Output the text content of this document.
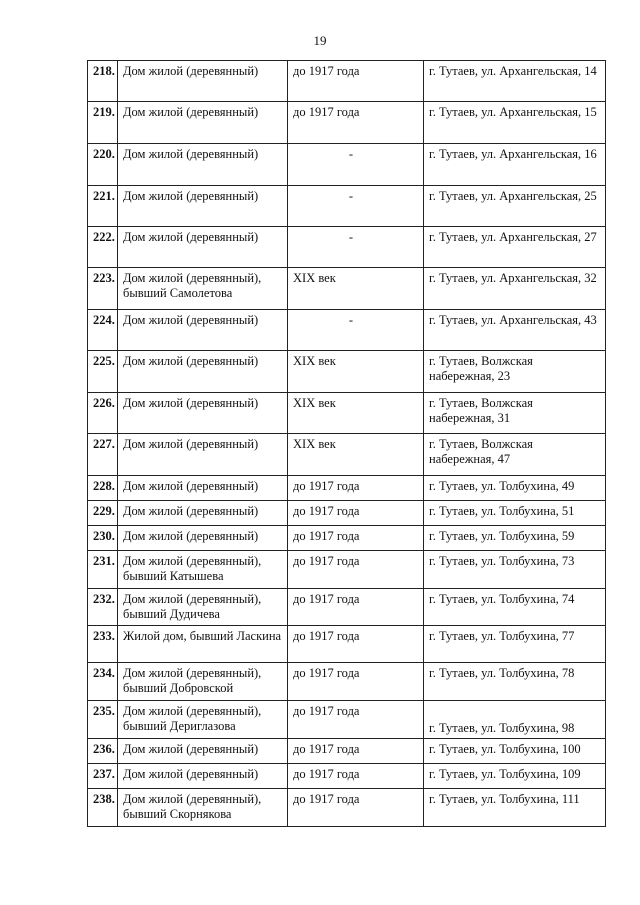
19
218.	Дом жилой (деревянный)	до 1917 года	г. Тутаев, ул. Архангельская, 14
219.	Дом жилой (деревянный)	до 1917 года	г. Тутаев, ул. Архангельская, 15
220.	Дом жилой (деревянный)	-	г. Тутаев, ул. Архангельская, 16
221.	Дом жилой (деревянный)	-	г. Тутаев, ул. Архангельская, 25
222.	Дом жилой (деревянный)	-	г. Тутаев, ул. Архангельская, 27
223.	Дом жилой (деревянный), бывший Самолетова	XIX век	г. Тутаев, ул. Архангельская, 32
224.	Дом жилой (деревянный)	-	г. Тутаев, ул. Архангельская, 43
225.	Дом жилой (деревянный)	XIX век	г. Тутаев, Волжская набережная, 23
226.	Дом жилой (деревянный)	XIX век	г. Тутаев, Волжская набережная, 31
227.	Дом жилой (деревянный)	XIX век	г. Тутаев, Волжская набережная, 47
228.	Дом жилой (деревянный)	до 1917 года	г. Тутаев, ул. Толбухина, 49
229.	Дом жилой (деревянный)	до 1917 года	г. Тутаев, ул. Толбухина, 51
230.	Дом жилой (деревянный)	до 1917 года	г. Тутаев, ул. Толбухина, 59
231.	Дом жилой (деревянный), бывший Катышева	до 1917 года	г. Тутаев, ул. Толбухина, 73
232.	Дом жилой (деревянный), бывший Дудичева	до 1917 года	г. Тутаев, ул. Толбухина, 74
233.	Жилой дом, бывший Ласкина	до 1917 года	г. Тутаев, ул. Толбухина, 77
234.	Дом жилой (деревянный), бывший Добровской	до 1917 года	г. Тутаев, ул. Толбухина, 78
235.	Дом жилой (деревянный), бывший Дериглазова	до 1917 года	г. Тутаев, ул. Толбухина, 98
236.	Дом жилой (деревянный)	до 1917 года	г. Тутаев, ул. Толбухина, 100
237.	Дом жилой (деревянный)	до 1917 года	г. Тутаев, ул. Толбухина, 109
238.	Дом жилой (деревянный), бывший Скорнякова	до 1917 года	г. Тутаев, ул. Толбухина, 111
